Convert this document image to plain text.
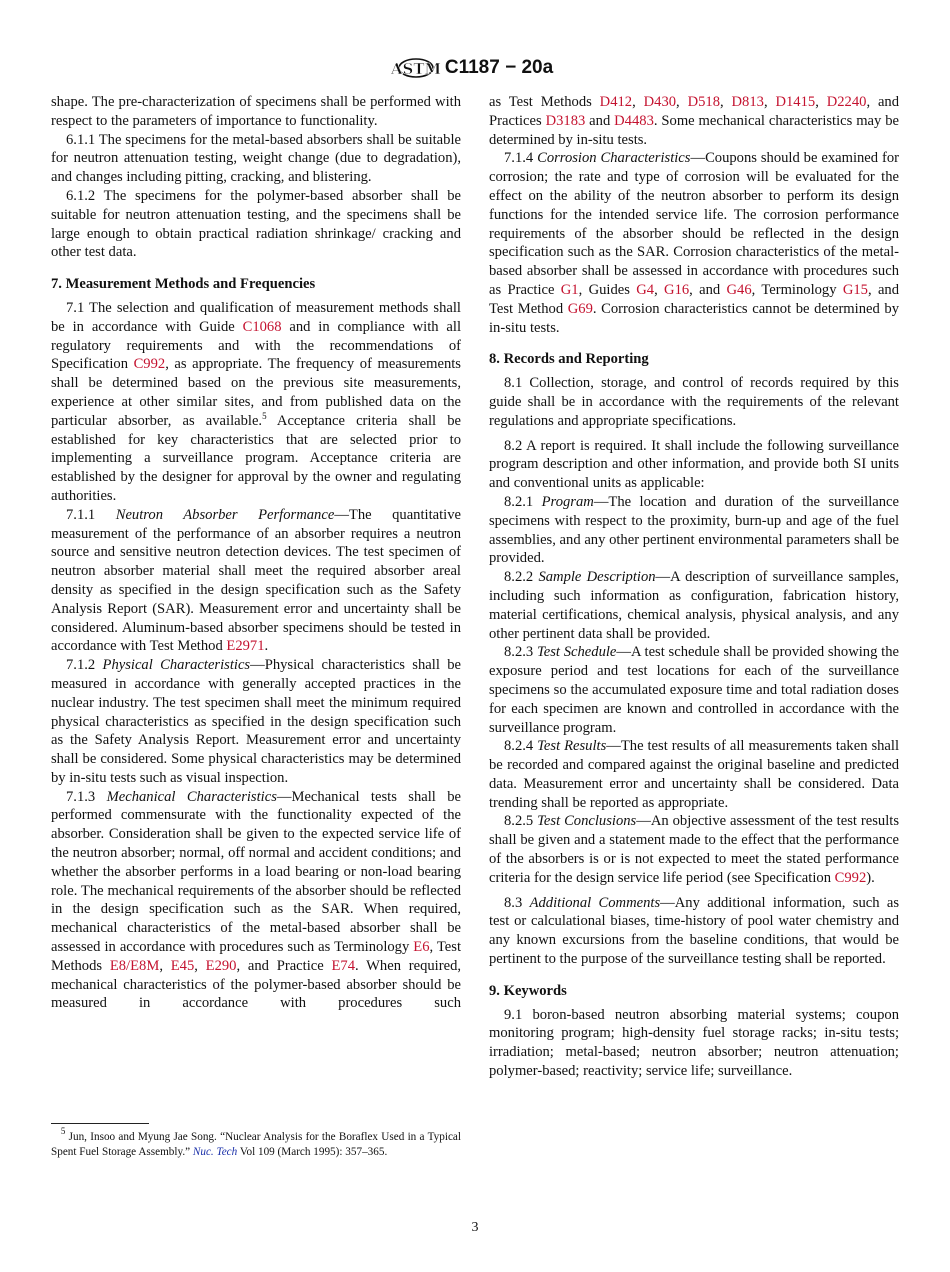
ASTM C1187 − 20a
shape. The pre-characterization of specimens shall be performed with respect to the parameters of importance to functionality.
6.1.1 The specimens for the metal-based absorbers shall be suitable for neutron attenuation testing, weight change (due to degradation), and changes including pitting, cracking, and blistering.
6.1.2 The specimens for the polymer-based absorber shall be suitable for neutron attenuation testing, and the specimens shall be large enough to obtain practical radiation shrinkage/ cracking and other test data.
7. Measurement Methods and Frequencies
7.1 The selection and qualification of measurement methods shall be in accordance with Guide C1068 and in compliance with all regulatory requirements and with the recommendations of Specification C992, as appropriate. The frequency of measurements shall be determined based on the previous site measurements, experience at other similar sites, and from published data on the particular absorber, as available.$^5$ Acceptance criteria shall be established for key characteristics that are selected prior to implementing a surveillance program. Acceptance criteria are established by the designer for approval by the owner and regulating authorities.
7.1.1 Neutron Absorber Performance—The quantitative measurement of the performance of an absorber requires a neutron source and sensitive neutron detection devices. The test specimen of neutron absorber material shall meet the required absorber areal density as specified in the design specification such as the Safety Analysis Report (SAR). Measurement error and uncertainty shall be considered. Aluminum-based absorber specimens should be tested in accordance with Test Method E2971.
7.1.2 Physical Characteristics—Physical characteristics shall be measured in accordance with generally accepted practices in the nuclear industry. The test specimen shall meet the minimum required physical characteristics as specified in the design specification such as the Safety Analysis Report. Measurement error and uncertainty shall be considered. Some physical characteristics may be determined by in-situ tests such as visual inspection.
7.1.3 Mechanical Characteristics—Mechanical tests shall be performed commensurate with the functionality expected of the absorber. Consideration shall be given to the expected service life of the neutron absorber; normal, off normal and accident conditions; and whether the absorber performs in a load bearing or non-load bearing role. The mechanical requirements of the absorber should be reflected in the design specification such as the SAR. When required, mechanical characteristics of the metal-based absorber shall be assessed in accordance with procedures such as Terminology E6, Test Methods E8/E8M, E45, E290, and Practice E74. When required, mechanical characteristics of the polymer-based absorber should be measured in accordance with procedures such
as Test Methods D412, D430, D518, D813, D1415, D2240, and Practices D3183 and D4483. Some mechanical characteristics may be determined by in-situ tests.
7.1.4 Corrosion Characteristics—Coupons should be examined for corrosion; the rate and type of corrosion will be evaluated for the effect on the ability of the neutron absorber to perform its design functions for the intended service life. The corrosion performance requirements of the absorber should be reflected in the design specification such as the SAR. Corrosion characteristics of the metal-based absorber shall be assessed in accordance with procedures such as Practice G1, Guides G4, G16, and G46, Terminology G15, and Test Method G69. Corrosion characteristics cannot be determined by in-situ tests.
8. Records and Reporting
8.1 Collection, storage, and control of records required by this guide shall be in accordance with the requirements of the relevant regulations and appropriate specifications.
8.2 A report is required. It shall include the following surveillance program description and other information, and provide both SI units and conventional units as applicable:
8.2.1 Program—The location and duration of the surveillance specimens with respect to the proximity, burn-up and age of the fuel assemblies, and any other pertinent environmental parameters shall be provided.
8.2.2 Sample Description—A description of surveillance samples, including such information as configuration, fabrication history, material certifications, chemical analysis, physical analysis, and any other pertinent data shall be provided.
8.2.3 Test Schedule—A test schedule shall be provided showing the exposure period and test locations for each of the surveillance specimens so the accumulated exposure time and total radiation doses for each specimen are known and controlled in accordance with the surveillance program.
8.2.4 Test Results—The test results of all measurements taken shall be recorded and compared against the original baseline and predicted data. Measurement error and uncertainty shall be considered. Data trending shall be reported as appropriate.
8.2.5 Test Conclusions—An objective assessment of the test results shall be given and a statement made to the effect that the performance of the absorbers is or is not expected to meet the stated performance criteria for the design service life period (see Specification C992).
8.3 Additional Comments—Any additional information, such as test or calculational biases, time-history of pool water chemistry and any known excursions from the baseline conditions, that would be pertinent to the purpose of the surveillance testing shall be reported.
9. Keywords
9.1 boron-based neutron absorbing material systems; coupon monitoring program; high-density fuel storage racks; in-situ tests; irradiation; metal-based; neutron absorber; neutron attenuation; polymer-based; reactivity; service life; surveillance.
$^5$ Jun, Insoo and Myung Jae Song. “Nuclear Analysis for the Boraflex Used in a Typical Spent Fuel Storage Assembly.” Nuc. Tech Vol 109 (March 1995): 357–365.
3
